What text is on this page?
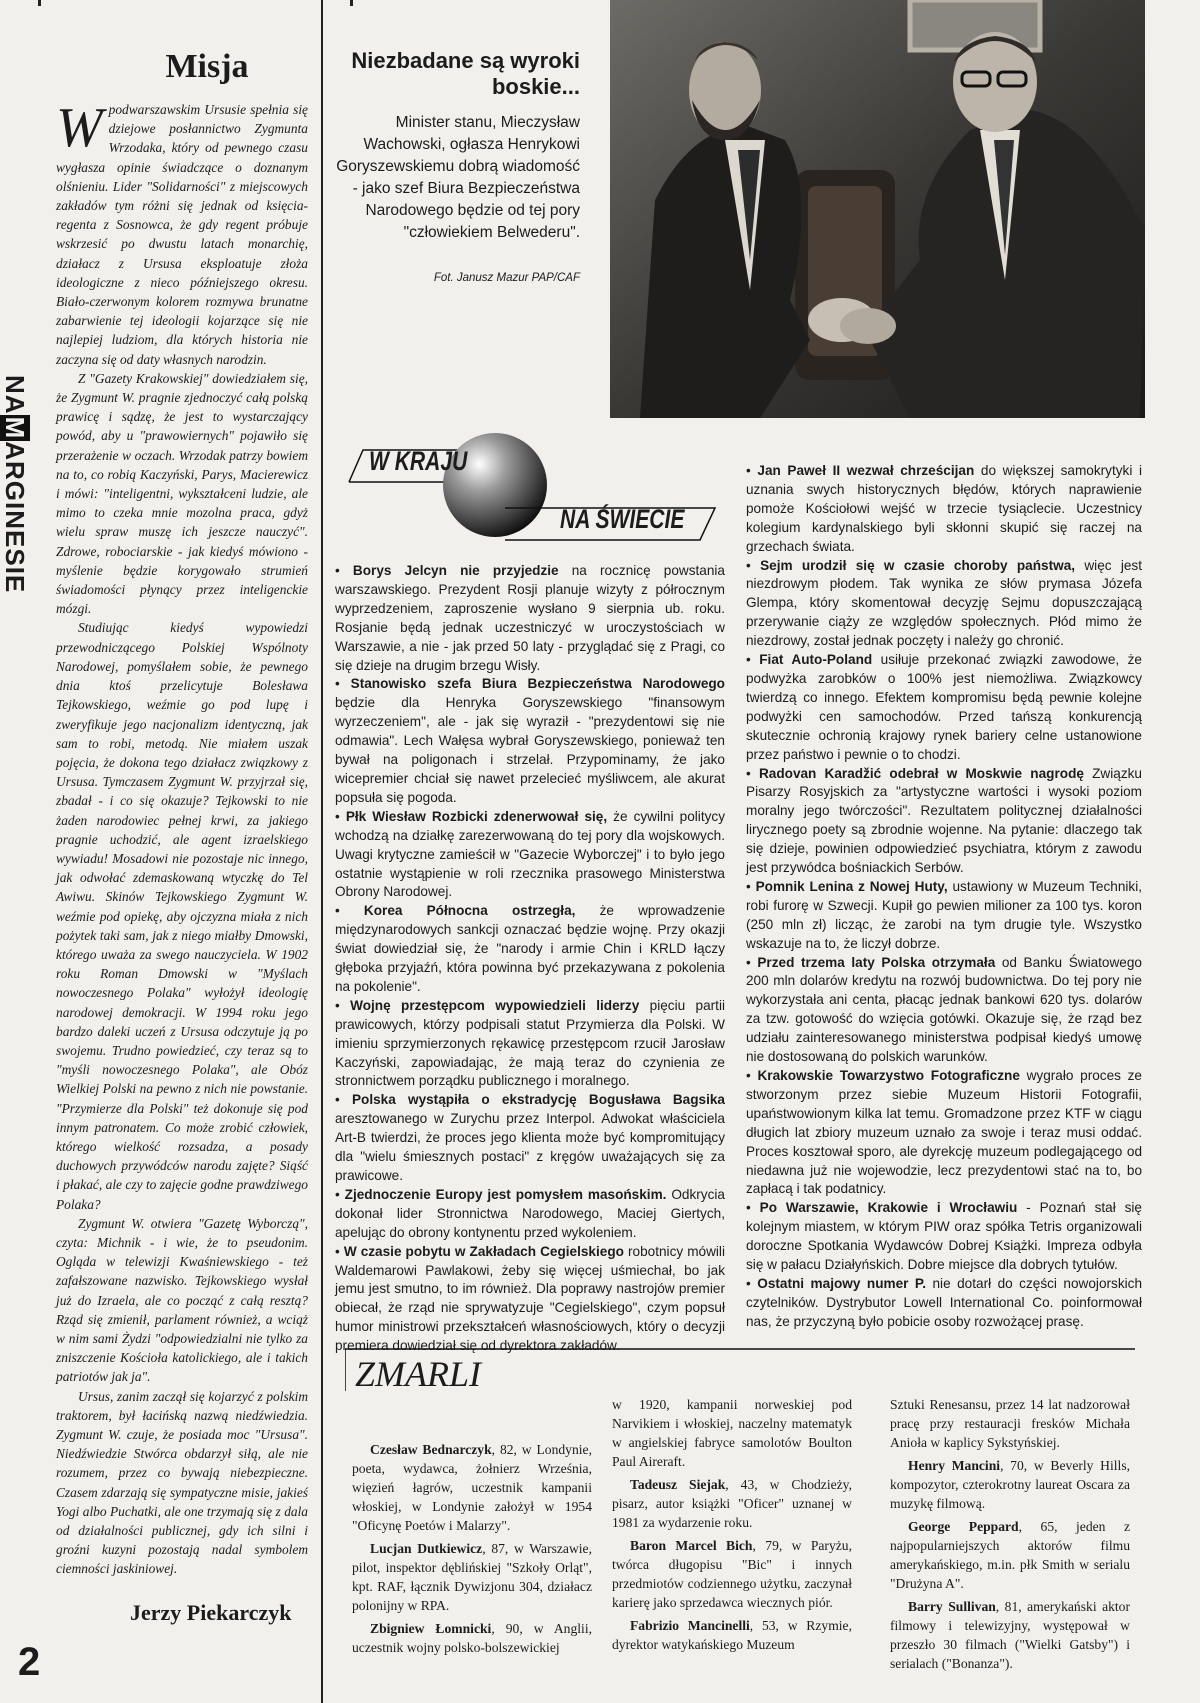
NAMARGINESIE
2
Misja

Wpodwarszawskim Ursusie spełnia się dziejowe posłannictwo Zygmunta Wrzodaka, który od pewnego czasu wygłasza opinie świadczące o doznanym olśnieniu. Lider "Solidarności" z miejscowych zakładów tym różni się jednak od księcia-regenta z Sosnowca, że gdy regent próbuje wskrzesić po dwustu latach monarchię, działacz z Ursusa eksploatuje złoża ideologiczne z nieco późniejszego okresu. Biało-czerwonym kolorem rozmywa brunatne zabarwienie tej ideologii kojarzące się nie najlepiej ludziom, dla których historia nie zaczyna się od daty własnych narodzin.

Z "Gazety Krakowskiej" dowiedziałem się, że Zygmunt W. pragnie zjednoczyć całą polską prawicę i sądzę, że jest to wystarczający powód, aby u "prawowiernych" pojawiło się przerażenie w oczach. Wrzodak patrzy bowiem na to, co robią Kaczyński, Parys, Macierewicz i mówi: "inteligentni, wykształceni ludzie, ale mimo to czeka mnie mozolna praca, gdyż wielu spraw muszę ich jeszcze nauczyć". Zdrowe, robociarskie - jak kiedyś mówiono - myślenie będzie korygowało strumień świadomości płynący przez inteligenckie mózgi.

Studiując kiedyś wypowiedzi przewodniczącego Polskiej Wspólnoty Narodowej, pomyślałem sobie, że pewnego dnia ktoś przelicytuje Bolesława Tejkowskiego, weźmie go pod lupę i zweryfikuje jego nacjonalizm identyczną, jak sam to robi, metodą. Nie miałem uszak pojęcia, że dokona tego działacz związkowy z Ursusa. Tymczasem Zygmunt W. przyjrzał się, zbadał - i co się okazuje? Tejkowski to nie żaden narodowiec pełnej krwi, za jakiego pragnie uchodzić, ale agent izraelskiego wywiadu! Mosadowi nie pozostaje nic innego, jak odwołać zdemaskowaną wtyczkę do Tel Awiwu. Skinów Tejkowskiego Zygmunt W. weźmie pod opiekę, aby ojczyzna miała z nich pożytek taki sam, jak z niego miałby Dmowski, którego uważa za swego nauczyciela. W 1902 roku Roman Dmowski w "Myślach nowoczesnego Polaka" wyłożył ideologię narodowej demokracji. W 1994 roku jego bardzo daleki uczeń z Ursusa odczytuje ją po swojemu. Trudno powiedzieć, czy teraz są to "myśli nowoczesnego Polaka", ale Obóz Wielkiej Polski na pewno z nich nie powstanie. "Przymierze dla Polski" też dokonuje się pod innym patronatem. Co może zrobić człowiek, którego wielkość rozsadza, a posady duchowych przywódców narodu zajęte? Siąść i płakać, ale czy to zajęcie godne prawdziwego Polaka?

Zygmunt W. otwiera "Gazetę Wyborczą", czyta: Michnik - i wie, że to pseudonim. Ogląda w telewizji Kwaśniewskiego - też zafałszowane nazwisko. Tejkowskiego wysłał już do Izraela, ale co począć z całą resztą? Rząd się zmienił, parlament również, a wciąż w nim sami Żydzi "odpowiedzialni nie tylko za zniszczenie Kościoła katolickiego, ale i takich patriotów jak ja".

Ursus, zanim zaczął się kojarzyć z polskim traktorem, był łacińską nazwą niedźwiedzia. Zygmunt W. czuje, że posiada moc "Ursusa". Niedźwiedzie Stwórca obdarzył siłą, ale nie rozumem, przez co bywają niebezpieczne. Czasem zdarzają się sympatyczne misie, jakieś Yogi albo Puchatki, ale one trzymają się z dala od działalności publicznej, gdy ich silni i groźni kuzyni pozostają nadal symbolem ciemności jaskiniowej.

Jerzy Piekarczyk
Niezbadane są wyroki boskie...
Minister stanu, Mieczysław Wachowski, ogłasza Henrykowi Goryszewskiemu dobrą wiadomość - jako szef Biura Bezpieczeństwa Narodowego będzie od tej pory "człowiekiem Belwederu".
Fot. Janusz Mazur PAP/CAF
W KRAJU
NA ŚWIECIE

• Borys Jelcyn nie przyjedzie na rocznicę powstania warszawskiego. Prezydent Rosji planuje wizyty z półrocznym wyprzedzeniem, zaproszenie wysłano 9 sierpnia ub. roku. Rosjanie będą jednak uczestniczyć w uroczystościach w Warszawie, a nie - jak przed 50 laty - przyglądać się z Pragi, co się dzieje na drugim brzegu Wisły.

• Stanowisko szefa Biura Bezpieczeństwa Narodowego będzie dla Henryka Goryszewskiego "finansowym wyrzeczeniem", ale - jak się wyraził - "prezydentowi się nie odmawia". Lech Wałęsa wybrał Goryszewskiego, ponieważ ten bywał na poligonach i strzelał. Przypominamy, że jako wicepremier chciał się nawet przelecieć myśliwcem, ale akurat popsuła się pogoda.

• Płk Wiesław Rozbicki zdenerwował się, że cywilni politycy wchodzą na działkę zarezerwowaną do tej pory dla wojskowych. Uwagi krytyczne zamieścił w "Gazecie Wyborczej" i to było jego ostatnie wystąpienie w roli rzecznika prasowego Ministerstwa Obrony Narodowej.

• Korea Północna ostrzegła, że wprowadzenie międzynarodowych sankcji oznaczać będzie wojnę. Przy okazji świat dowiedział się, że "narody i armie Chin i KRLD łączy głęboka przyjaźń, która powinna być przekazywana z pokolenia na pokolenie".

• Wojnę przestępcom wypowiedzieli liderzy pięciu partii prawicowych, którzy podpisali statut Przymierza dla Polski. W imieniu sprzymierzonych rękawicę przestępcom rzucił Jarosław Kaczyński, zapowiadając, że mają teraz do czynienia ze stronnictwem porządku publicznego i moralnego.

• Polska wystąpiła o ekstradycję Bogusława Bagsika aresztowanego w Zurychu przez Interpol. Adwokat właściciela Art-B twierdzi, że proces jego klienta może być kompromitujący dla "wielu śmiesznych postaci" z kręgów uważających się za prawicowe.

• Zjednoczenie Europy jest pomysłem masońskim. Odkrycia dokonał lider Stronnictwa Narodowego, Maciej Giertych, apelując do obrony kontynentu przed wykoleniem.

• W czasie pobytu w Zakładach Cegielskiego robotnicy mówili Waldemarowi Pawlakowi, żeby się więcej uśmiechał, bo jak jemu jest smutno, to im również. Dla poprawy nastrojów premier obiecał, że rząd nie sprywatyzuje "Cegielskiego", czym popsuł humor ministrowi przekształceń własnościowych, który o decyzji premiera dowiedział się od dyrektora zakładów.

• Jan Paweł II wezwał chrześcijan do większej samokrytyki i uznania swych historycznych błędów, których naprawienie pomoże Kościołowi wejść w trzecie tysiąclecie. Uczestnicy kolegium kardynalskiego byli skłonni skupić się raczej na grzechach świata.

• Sejm urodził się w czasie choroby państwa, więc jest niezdrowym płodem. Tak wynika ze słów prymasa Józefa Glempa, który skomentował decyzję Sejmu dopuszczającą przerywanie ciąży ze względów społecznych. Płód mimo że niezdrowy, został jednak poczęty i należy go chronić.

• Fiat Auto-Poland usiłuje przekonać związki zawodowe, że podwyżka zarobków o 100% jest niemożliwa. Związkowcy twierdzą co innego. Efektem kompromisu będą pewnie kolejne podwyżki cen samochodów. Przed tańszą konkurencją skutecznie ochronią krajowy rynek bariery celne ustanowione przez państwo i pewnie o to chodzi.

• Radovan Karadžić odebrał w Moskwie nagrodę Związku Pisarzy Rosyjskich za "artystyczne wartości i wysoki poziom moralny jego twórczości". Rezultatem politycznej działalności lirycznego poety są zbrodnie wojenne. Na pytanie: dlaczego tak się dzieje, powinien odpowiedzieć psychiatra, którym z zawodu jest przywódca bośniackich Serbów.

• Pomnik Lenina z Nowej Huty, ustawiony w Muzeum Techniki, robi furorę w Szwecji. Kupił go pewien milioner za 100 tys. koron (250 mln zł) licząc, że zarobi na tym drugie tyle. Wszystko wskazuje na to, że liczył dobrze.

• Przed trzema laty Polska otrzymała od Banku Światowego 200 mln dolarów kredytu na rozwój budownictwa. Do tej pory nie wykorzystała ani centa, płacąc jednak bankowi 620 tys. dolarów za tzw. gotowość do wzięcia gotówki. Okazuje się, że rząd bez udziału zainteresowanego ministerstwa podpisał kiedyś umowę nie dostosowaną do polskich warunków.

• Krakowskie Towarzystwo Fotograficzne wygrało proces ze stworzonym przez siebie Muzeum Historii Fotografii, upaństwowionym kilka lat temu. Gromadzone przez KTF w ciągu długich lat zbiory muzeum uznało za swoje i teraz musi oddać. Proces kosztował sporo, ale dyrekcję muzeum podlegającego od niedawna już nie wojewodzie, lecz prezydentowi stać na to, bo zapłacą i tak podatnicy.

• Po Warszawie, Krakowie i Wrocławiu - Poznań stał się kolejnym miastem, w którym PIW oraz spółka Tetris organizowali doroczne Spotkania Wydawców Dobrej Książki. Impreza odbyła się w pałacu Działyńskich. Dobre miejsce dla dobrych tytułów.

• Ostatni majowy numer P. nie dotarł do części nowojorskich czytelników. Dystrybutor Lowell International Co. poinformował nas, że przyczyną było pobicie osoby rozwożącej prasę.

ZMARLI

Czesław Bednarczyk, 82, w Londynie, poeta, wydawca, żołnierz Września, więzień łagrów, uczestnik kampanii włoskiej, w Londynie założył w 1954 "Oficynę Poetów i Malarzy".

Lucjan Dutkiewicz, 87, w Warszawie, pilot, inspektor dęblińskiej "Szkoły Orląt", kpt. RAF, łącznik Dywizjonu 304, działacz polonijny w RPA.

Zbigniew Łomnicki, 90, w Anglii, uczestnik wojny polsko-bolszewickiej

w 1920, kampanii norweskiej pod Narvikiem i włoskiej, naczelny matematyk w angielskiej fabryce samolotów Boulton Paul Aireraft.

Tadeusz Siejak, 43, w Chodzieży, pisarz, autor książki "Oficer" uznanej w 1981 za wydarzenie roku.

Baron Marcel Bich, 79, w Paryżu, twórca długopisu "Bic" i innych przedmiotów codziennego użytku, zaczynał karierę jako sprzedawca wiecznych piór.

Fabrizio Mancinelli, 53, w Rzymie, dyrektor watykańskiego Muzeum

Sztuki Renesansu, przez 14 lat nadzorował pracę przy restauracji fresków Michała Anioła w kaplicy Sykstyńskiej.

Henry Mancini, 70, w Beverly Hills, kompozytor, czterokrotny laureat Oscara za muzykę filmową.

George Peppard, 65, jeden z najpopularniejszych aktorów filmu amerykańskiego, m.in. płk Smith w serialu "Drużyna A".

Barry Sullivan, 81, amerykański aktor filmowy i telewizyjny, występował w przeszło 30 filmach ("Wielki Gatsby") i serialach ("Bonanza").
